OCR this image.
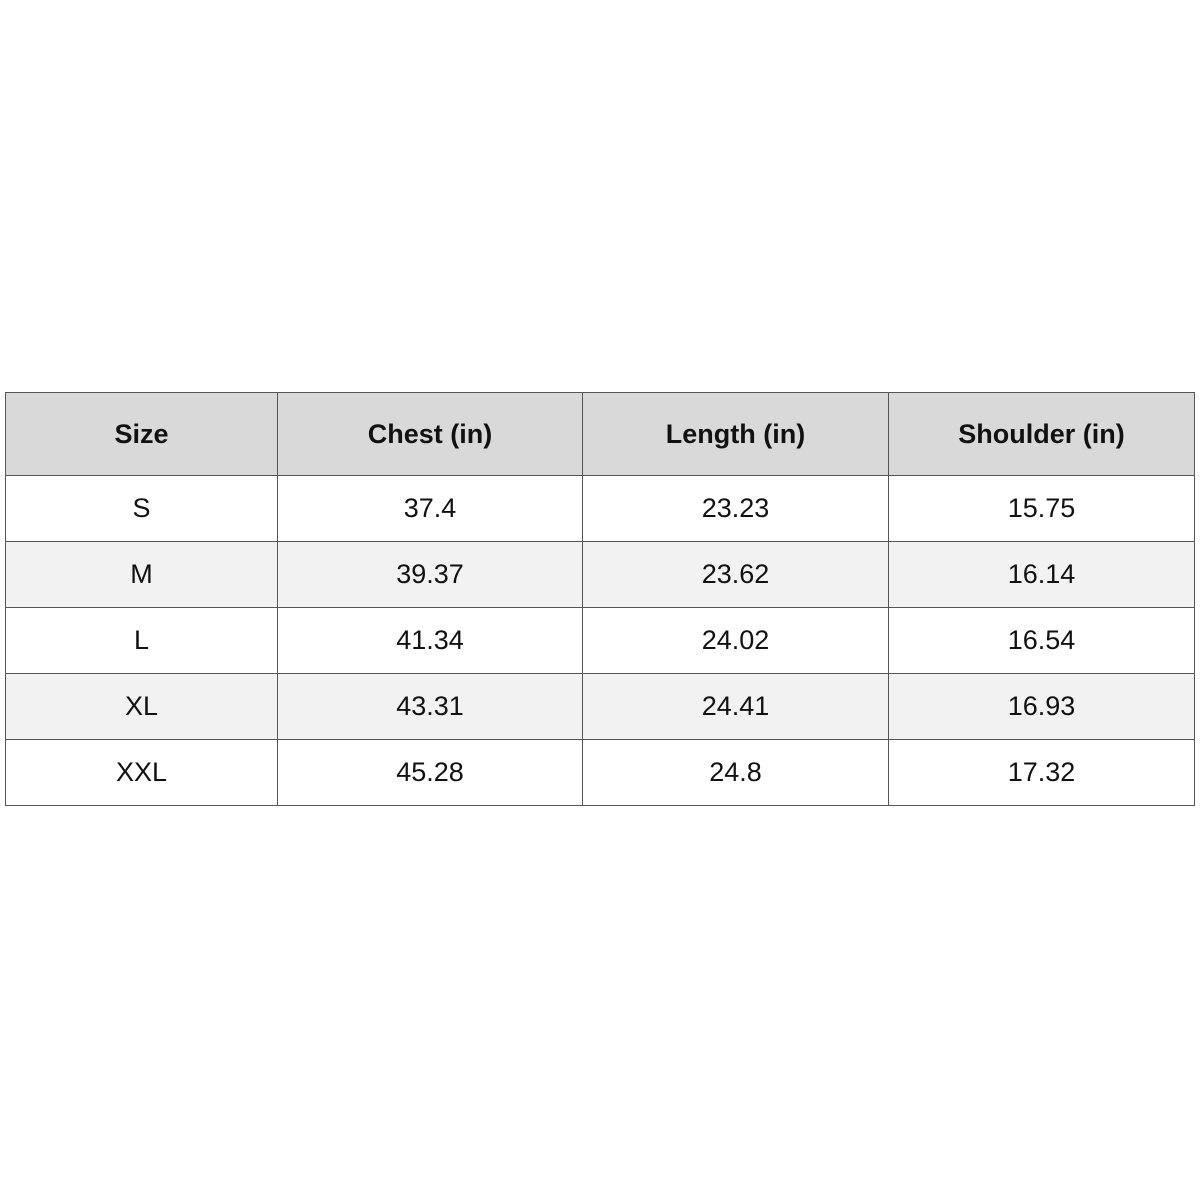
Size	Chest (in)	Length (in)	Shoulder (in)
S	37.4	23.23	15.75
M	39.37	23.62	16.14
L	41.34	24.02	16.54
XL	43.31	24.41	16.93
XXL	45.28	24.8	17.32
